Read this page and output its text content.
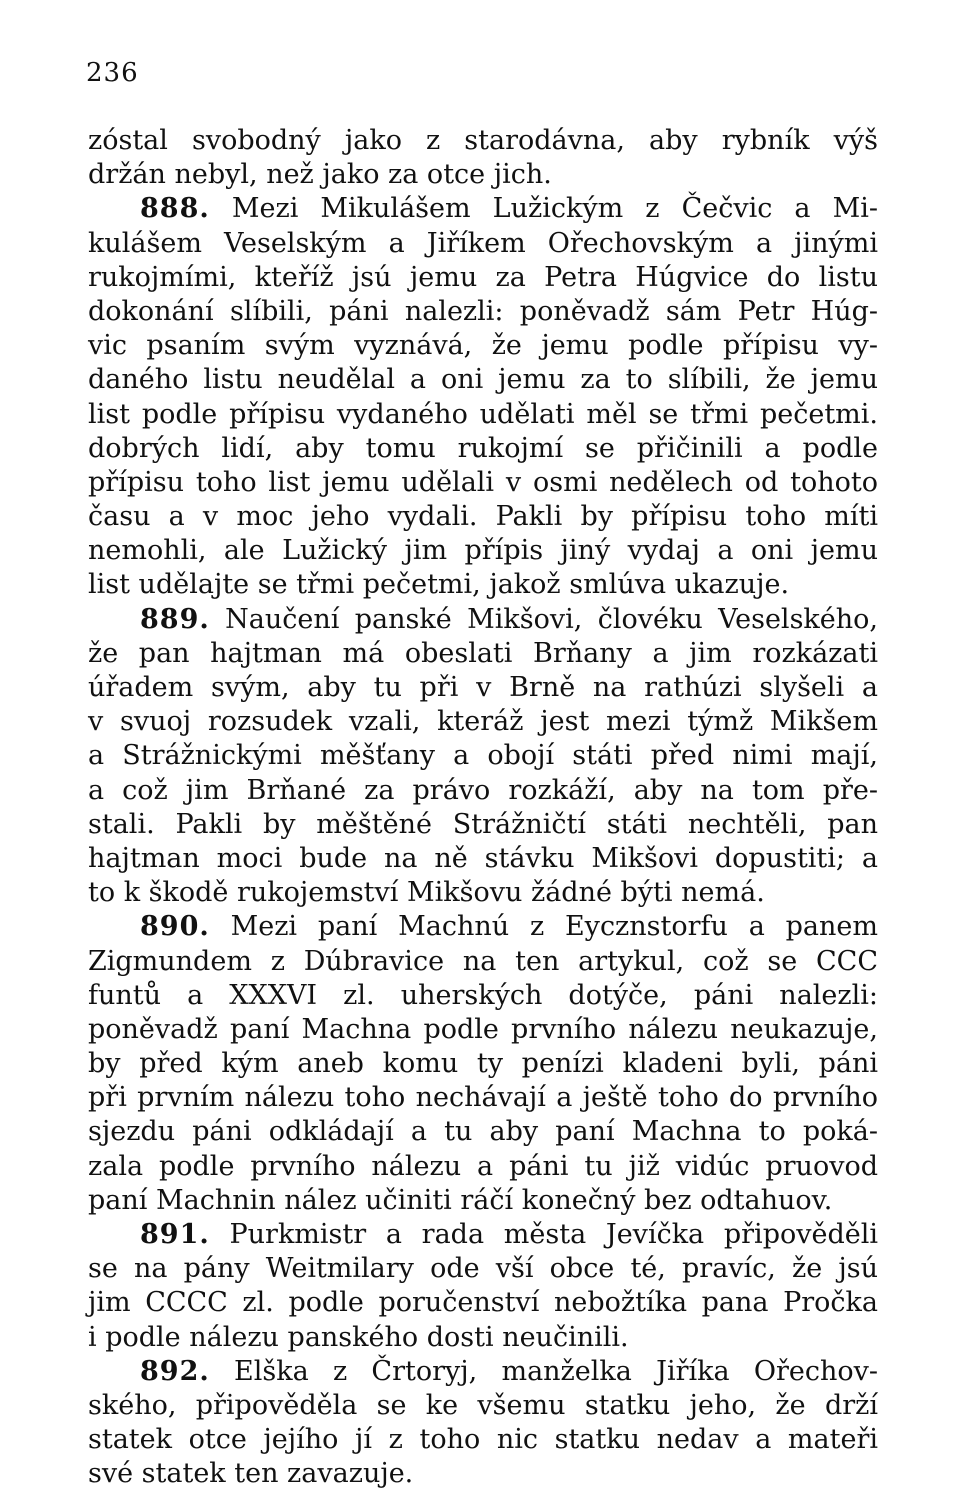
236
zóstal svobodný jako z starodávna, aby rybník výš
držán nebyl, než jako za otce jich.
888. Mezi Mikulášem Lužickým z Čečvic a Mi-
kulášem Veselským a Jiříkem Ořechovským a jinými
rukojmími, kteříž jsú jemu za Petra Húgvice do listu
dokonání slíbili, páni nalezli: poněvadž sám Petr Húg-
vic psaním svým vyznává, že jemu podle přípisu vy-
daného listu neudělal a oni jemu za to slíbili, že jemu
list podle přípisu vydaného udělati měl se třmi pečetmi.
dobrých lidí, aby tomu rukojmí se přičinili a podle
přípisu toho list jemu udělali v osmi nedělech od tohoto
času a v moc jeho vydali. Pakli by přípisu toho míti
nemohli, ale Lužický jim přípis jiný vydaj a oni jemu
list udělajte se třmi pečetmi, jakož smlúva ukazuje.
889. Naučení panské Mikšovi, človéku Veselského,
že pan hajtman má obeslati Brňany a jim rozkázati
úřadem svým, aby tu při v Brně na rathúzi slyšeli a
v svuoj rozsudek vzali, kteráž jest mezi týmž Mikšem
a Strážnickými měšťany a obojí státi před nimi mají,
a což jim Brňané za právo rozkáží, aby na tom pře-
stali. Pakli by měštěné Strážničtí státi nechtěli, pan
hajtman moci bude na ně stávku Mikšovi dopustiti; a
to k škodě rukojemství Mikšovu žádné býti nemá.
890. Mezi paní Machnú z Eycznstorfu a panem
Zigmundem z Dúbravice na ten artykul, což se CCC
funtů a XXXVI zl. uherských dotýče, páni nalezli:
poněvadž paní Machna podle prvního nálezu neukazuje,
by před kým aneb komu ty penízi kladeni byli, páni
při prvním nálezu toho nechávají a ještě toho do prvního
sjezdu páni odkládají a tu aby paní Machna to poká-
zala podle prvního nálezu a páni tu již vidúc pruovod
paní Machnin nález učiniti ráčí konečný bez odtahuov.
891. Purkmistr a rada města Jevíčka připověděli
se na pány Weitmilary ode vší obce té, pravíc, že jsú
jim CCCC zl. podle poručenství nebožtíka pana Pročka
i podle nálezu panského dosti neučinili.
892. Elška z Črtoryj, manželka Jiříka Ořechov-
ského, připověděla se ke všemu statku jeho, že drží
statek otce jejího jí z toho nic statku nedav a mateři
své statek ten zavazuje.
